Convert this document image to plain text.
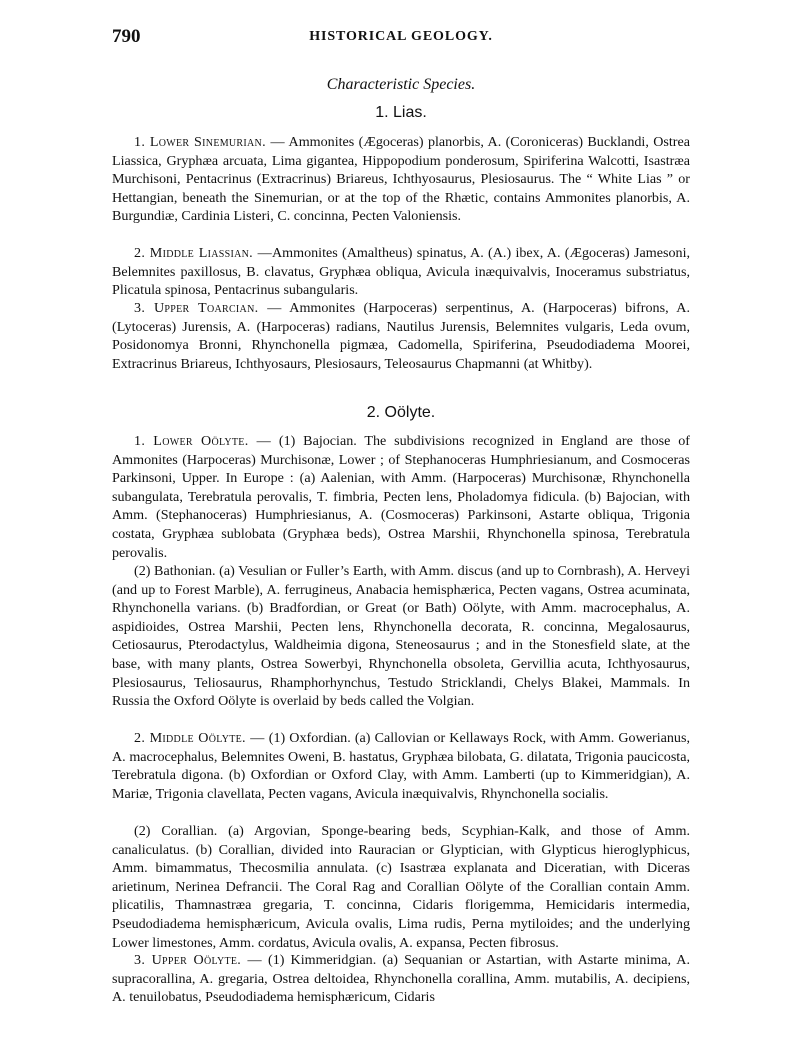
790	HISTORICAL GEOLOGY.
Characteristic Species.
1. Lias.

1. Lower Sinemurian. — Ammonites (Ægoceras) planorbis, A. (Coroniceras) Bucklandi, Ostrea Liassica, Gryphæa arcuata, Lima gigantea, Hippopodium ponderosum, Spiriferina Walcotti, Isastræa Murchisoni, Pentacrinus (Extracrinus) Briareus, Ichthyosaurus, Plesiosaurus. The “ White Lias ” or Hettangian, beneath the Sinemurian, or at the top of the Rhætic, contains Ammonites planorbis, A. Burgundiæ, Cardinia Listeri, C. concinna, Pecten Valoniensis.

2. Middle Liassian. —Ammonites (Amaltheus) spinatus, A. (A.) ibex, A. (Ægoceras) Jamesoni, Belemnites paxillosus, B. clavatus, Gryphæa obliqua, Avicula inæquivalvis, Inoceramus substriatus, Plicatula spinosa, Pentacrinus subangularis.

3. Upper Toarcian. — Ammonites (Harpoceras) serpentinus, A. (Harpoceras) bifrons, A. (Lytoceras) Jurensis, A. (Harpoceras) radians, Nautilus Jurensis, Belemnites vulgaris, Leda ovum, Posidonomya Bronni, Rhynchonella pigmæa, Cadomella, Spiriferina, Pseudodiadema Moorei, Extracrinus Briareus, Ichthyosaurs, Plesiosaurs, Teleosaurus Chapmanni (at Whitby).

2. Oölyte.

1. Lower Oölyte. — (1) Bajocian. The subdivisions recognized in England are those of Ammonites (Harpoceras) Murchisonæ, Lower ; of Stephanoceras Humphriesianum, and Cosmoceras Parkinsoni, Upper. In Europe : (a) Aalenian, with Amm. (Harpoceras) Murchisonæ, Rhynchonella subangulata, Terebratula perovalis, T. fimbria, Pecten lens, Pholadomya fidicula. (b) Bajocian, with Amm. (Stephanoceras) Humphriesianus, A. (Cosmoceras) Parkinsoni, Astarte obliqua, Trigonia costata, Gryphæa sublobata (Gryphæa beds), Ostrea Marshii, Rhynchonella spinosa, Terebratula perovalis.

(2) Bathonian. (a) Vesulian or Fuller’s Earth, with Amm. discus (and up to Cornbrash), A. Herveyi (and up to Forest Marble), A. ferrugineus, Anabacia hemisphærica, Pecten vagans, Ostrea acuminata, Rhynchonella varians. (b) Bradfordian, or Great (or Bath) Oölyte, with Amm. macrocephalus, A. aspidioides, Ostrea Marshii, Pecten lens, Rhynchonella decorata, R. concinna, Megalosaurus, Cetiosaurus, Pterodactylus, Waldheimia digona, Steneosaurus ; and in the Stonesfield slate, at the base, with many plants, Ostrea Sowerbyi, Rhynchonella obsoleta, Gervillia acuta, Ichthyosaurus, Plesiosaurus, Teliosaurus, Rhamphorhynchus, Testudo Stricklandi, Chelys Blakei, Mammals. In Russia the Oxford Oölyte is overlaid by beds called the Volgian.

2. Middle Oölyte. — (1) Oxfordian. (a) Callovian or Kellaways Rock, with Amm. Gowerianus, A. macrocephalus, Belemnites Oweni, B. hastatus, Gryphæa bilobata, G. dilatata, Trigonia paucicosta, Terebratula digona. (b) Oxfordian or Oxford Clay, with Amm. Lamberti (up to Kimmeridgian), A. Mariæ, Trigonia clavellata, Pecten vagans, Avicula inæquivalvis, Rhynchonella socialis.

(2) Corallian. (a) Argovian, Sponge-bearing beds, Scyphian-Kalk, and those of Amm. canaliculatus. (b) Corallian, divided into Rauracian or Glyptician, with Glypticus hieroglyphicus, Amm. bimammatus, Thecosmilia annulata. (c) Isastræa explanata and Diceratian, with Diceras arietinum, Nerinea Defrancii. The Coral Rag and Corallian Oölyte of the Corallian contain Amm. plicatilis, Thamnastræa gregaria, T. concinna, Cidaris florigemma, Hemicidaris intermedia, Pseudodiadema hemisphæricum, Avicula ovalis, Lima rudis, Perna mytiloides; and the underlying Lower limestones, Amm. cordatus, Avicula ovalis, A. expansa, Pecten fibrosus.

3. Upper Oölyte. — (1) Kimmeridgian. (a) Sequanian or Astartian, with Astarte minima, A. supracorallina, A. gregaria, Ostrea deltoidea, Rhynchonella corallina, Amm. mutabilis, A. decipiens, A. tenuilobatus, Pseudodiadema hemisphæricum, Cidaris
